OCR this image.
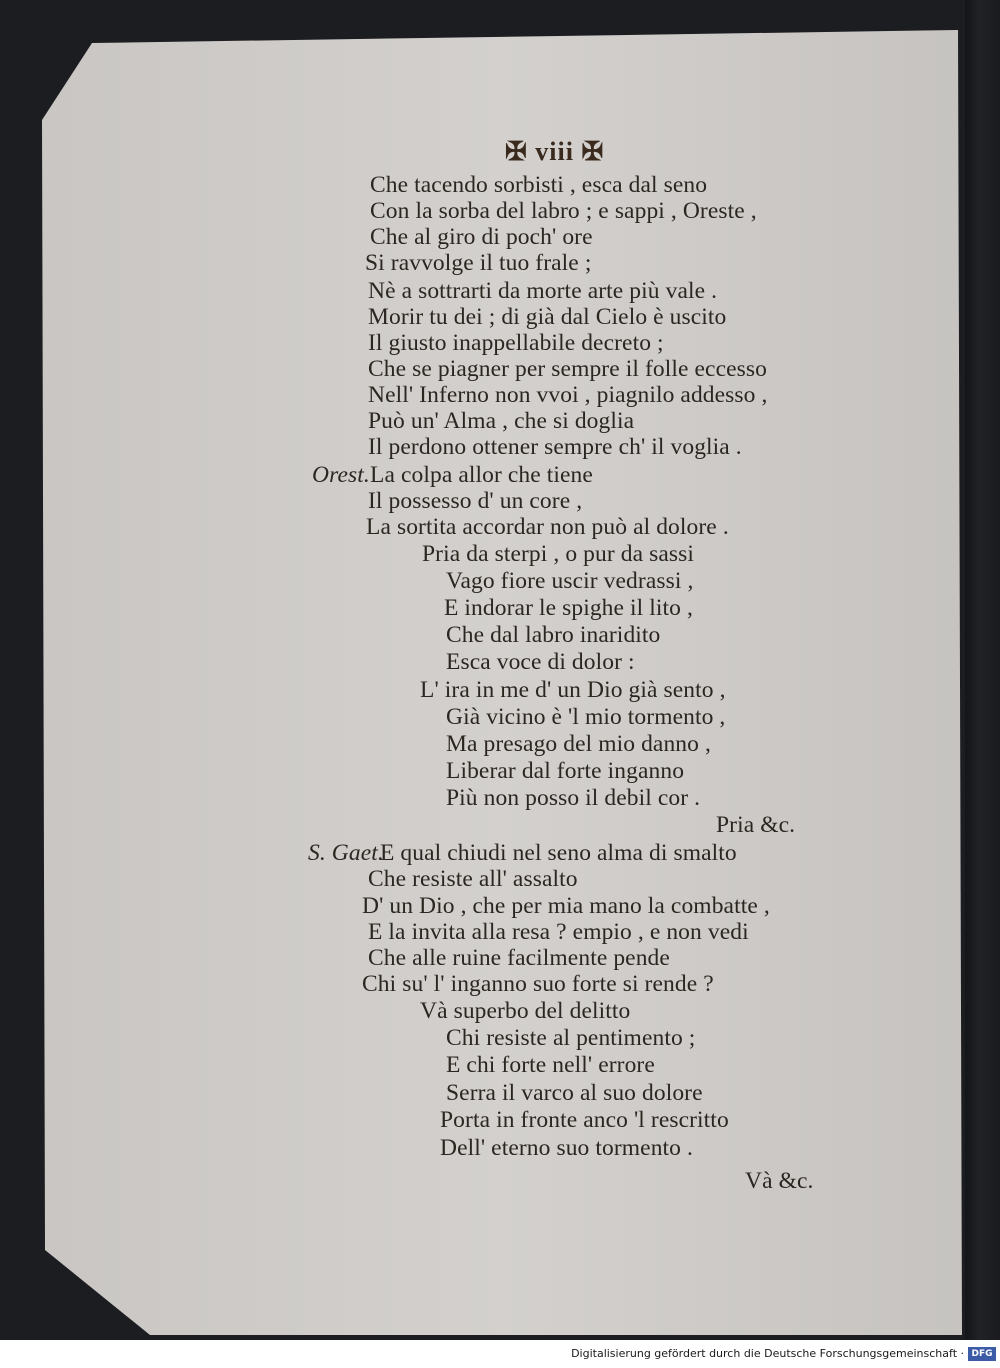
✠ viii ✠
Che tacendo sorbisti , esca dal seno
Con la sorba del labro ; e sappi , Oreste ,
Che al giro di poch' ore
Si ravvolge il tuo frale ;
Nè a sottrarti da morte arte più vale .
Morir tu dei ; di già dal Cielo è uscito
Il giusto inappellabile decreto ;
Che se piagner per sempre il folle eccesso
Nell' Inferno non vvoi , piagnilo addesso ,
Può un' Alma , che si doglia
Il perdono ottener sempre ch' il voglia .
Orest.La colpa allor che tiene
Il possesso d' un core ,
La sortita accordar non può al dolore .
Pria da sterpi , o pur da sassi
Vago fiore uscir vedrassi ,
E indorar le spighe il lito ,
Che dal labro inaridito
Esca voce di dolor :
L' ira in me d' un Dio già sento ,
Già vicino è 'l mio tormento ,
Ma presago del mio danno ,
Liberar dal forte inganno
Più non posso il debil cor .
Pria &c.
S. Gaet.E qual chiudi nel seno alma di smalto
Che resiste all' assalto
D' un Dio , che per mia mano la combatte ,
E la invita alla resa ? empio , e non vedi
Che alle ruine facilmente pende
Chi su' l' inganno suo forte si rende ?
Và superbo del delitto
Chi resiste al pentimento ;
E chi forte nell' errore
Serra il varco al suo dolore
Porta in fronte anco 'l rescritto
Dell' eterno suo tormento .
Và &c.
Digitalisierung gefördert durch die Deutsche Forschungsgemeinschaft · DFG
